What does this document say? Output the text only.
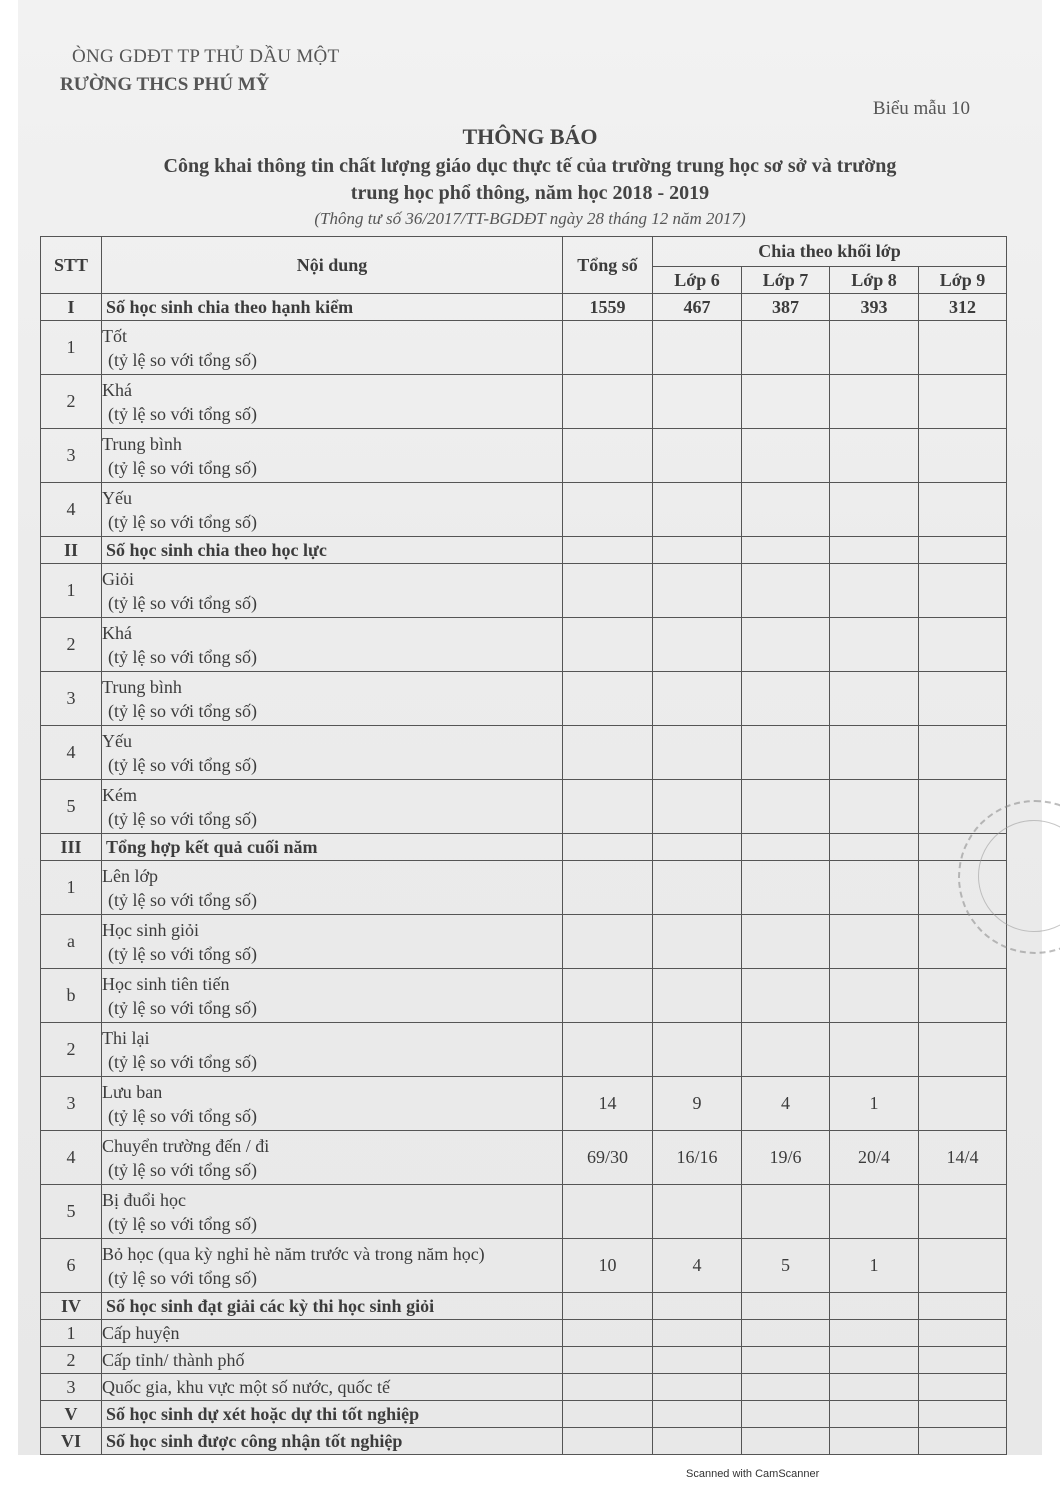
ÒNG GDĐT TP THỦ DẦU MỘT
RƯỜNG THCS PHÚ MỸ
Biểu mẫu 10
THÔNG BÁO
Công khai thông tin chất lượng giáo dục thực tế của trường trung học sơ sở và trường
trung học phổ thông, năm học 2018 - 2019
(Thông tư số 36/2017/TT-BGDĐT ngày 28 tháng 12 năm 2017)
STT	Nội dung	Tổng số	Chia theo khối lớp			
			Lớp 6	Lớp 7	Lớp 8	Lớp 9
I	Số học sinh chia theo hạnh kiểm	1559	467	387	393	312
1	Tốt
(tỷ lệ so với tổng số)					

2	Khá
(tỷ lệ so với tổng số)					

3	Trung bình
(tỷ lệ so với tổng số)					

4	Yếu
(tỷ lệ so với tổng số)					

II	Số học sinh chia theo học lực					
1	Giỏi
(tỷ lệ so với tổng số)					

2	Khá
(tỷ lệ so với tổng số)					

3	Trung bình
(tỷ lệ so với tổng số)					

4	Yếu
(tỷ lệ so với tổng số)					

5	Kém
(tỷ lệ so với tổng số)					

III	Tổng hợp kết quả cuối năm					
1	Lên lớp
(tỷ lệ so với tổng số)					

a	Học sinh giỏi
(tỷ lệ so với tổng số)					

b	Học sinh tiên tiến
(tỷ lệ so với tổng số)					

2	Thi lại
(tỷ lệ so với tổng số)					

3	Lưu ban
(tỷ lệ so với tổng số)	14	9	4	1	
4	Chuyển trường đến / đi
(tỷ lệ so với tổng số)	69/30	16/16	19/6	20/4	14/4
5	Bị đuổi học
(tỷ lệ so với tổng số)					

6	Bỏ học (qua kỳ nghỉ hè năm trước và trong năm học)
(tỷ lệ so với tổng số)	10	4	5	1	
IV	Số học sinh đạt giải các kỳ thi học sinh giỏi					
1	Cấp huyện					
2	Cấp tỉnh/ thành phố					
3	Quốc gia, khu vực một số nước, quốc tế					
V	Số học sinh dự xét hoặc dự thi tốt nghiệp					
VI	Số học sinh được công nhận tốt nghiệp					
Scanned with CamScanner
